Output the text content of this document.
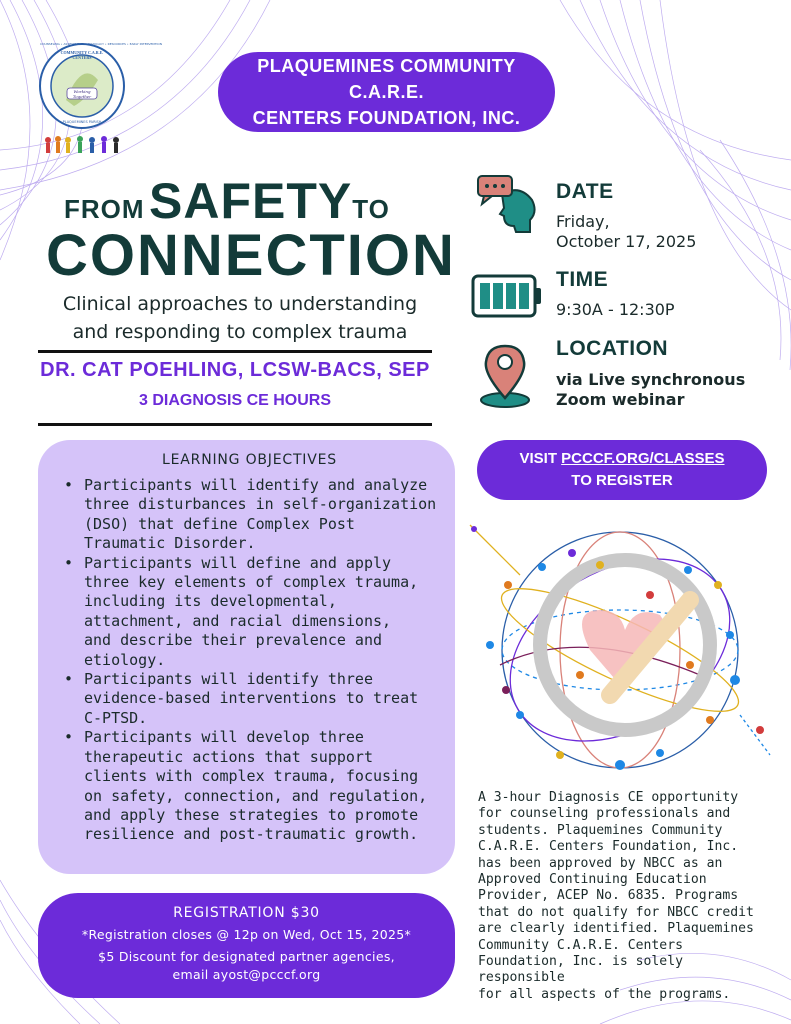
Working Together
COMMUNITY C.A.R.E. CENTERS
COUNSELING • ASSESSMENT • ADVOCACY • RESOURCES • EARLY INTERVENTION
PLAQUEMINES PARISH
PLAQUEMINES COMMUNITY C.A.R.E.
CENTERS FOUNDATION, INC.
FROM SAFETYTO
CONNECTION
Clinical approaches to understanding
and responding to complex trauma
DR. CAT POEHLING, LCSW-BACS, SEP
3 DIAGNOSIS CE HOURS
DATE
Friday,
October 17, 2025
TIME
9:30A - 12:30P
LOCATION
via Live synchronous
Zoom webinar
VISIT PCCCF.ORG/CLASSES
TO REGISTER
LEARNING OBJECTIVES
• Participants will identify and analyze
three disturbances in self-organization
(DSO) that define Complex Post
Traumatic Disorder.
• Participants will define and apply
three key elements of complex trauma,
including its developmental,
attachment, and racial dimensions,
and describe their prevalence and
etiology.
• Participants will identify three
evidence-based interventions to treat
C-PTSD.
• Participants will develop three
therapeutic actions that support
clients with complex trauma, focusing
on safety, connection, and regulation,
and apply these strategies to promote
resilience and post-traumatic growth.
REGISTRATION $30
*Registration closes @ 12p on Wed, Oct 15, 2025*
$5 Discount for designated partner agencies,
email ayost@pcccf.org
A 3-hour Diagnosis CE opportunity
for counseling professionals and
students. Plaquemines Community
C.A.R.E. Centers Foundation, Inc.
has been approved by NBCC as an
Approved Continuing Education
Provider, ACEP No. 6835. Programs
that do not qualify for NBCC credit
are clearly identified. Plaquemines
Community C.A.R.E. Centers
Foundation, Inc. is solely responsible
for all aspects of the programs.
